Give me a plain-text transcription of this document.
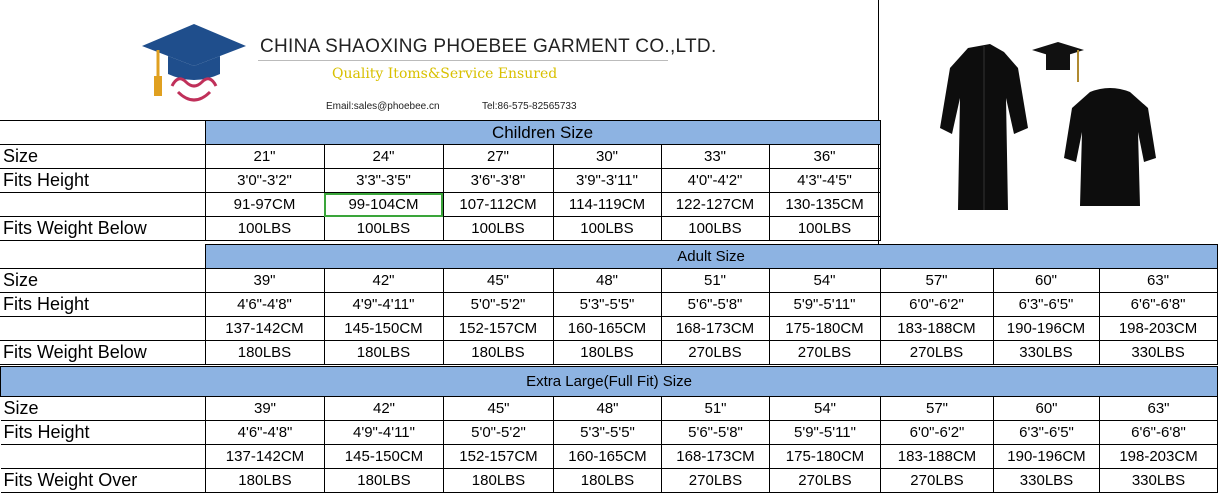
CHINA SHAOXING PHOEBEE GARMENT CO.,LTD.
Quality Itoms&Service Ensured
Email:sales@phoebee.cn	Tel:86-575-82565733
	Children Size					
Size	21"	24"	27"	30"	33"	36"
Fits Height	3'0"-3'2"	3'3"-3'5"	3'6"-3'8"	3'9"-3'11"	4'0"-4'2"	4'3"-4'5"
	91-97CM	99-104CM	107-112CM	114-119CM	122-127CM	130-135CM
Fits Weight Below	100LBS	100LBS	100LBS	100LBS	100LBS	100LBS
	Adult Size								
Size	39"	42"	45"	48"	51"	54"	57"	60"	63"
Fits Height	4'6"-4'8"	4'9"-4'11"	5'0"-5'2"	5'3"-5'5"	5'6"-5'8"	5'9"-5'11"	6'0"-6'2"	6'3"-6'5"	6'6"-6'8"
	137-142CM	145-150CM	152-157CM	160-165CM	168-173CM	175-180CM	183-188CM	190-196CM	198-203CM
Fits Weight Below	180LBS	180LBS	180LBS	180LBS	270LBS	270LBS	270LBS	330LBS	330LBS
Extra Large(Full Fit) Size									
Size	39"	42"	45"	48"	51"	54"	57"	60"	63"
Fits Height	4'6"-4'8"	4'9"-4'11"	5'0"-5'2"	5'3"-5'5"	5'6"-5'8"	5'9"-5'11"	6'0"-6'2"	6'3"-6'5"	6'6"-6'8"
	137-142CM	145-150CM	152-157CM	160-165CM	168-173CM	175-180CM	183-188CM	190-196CM	198-203CM
Fits Weight Over	180LBS	180LBS	180LBS	180LBS	270LBS	270LBS	270LBS	330LBS	330LBS
